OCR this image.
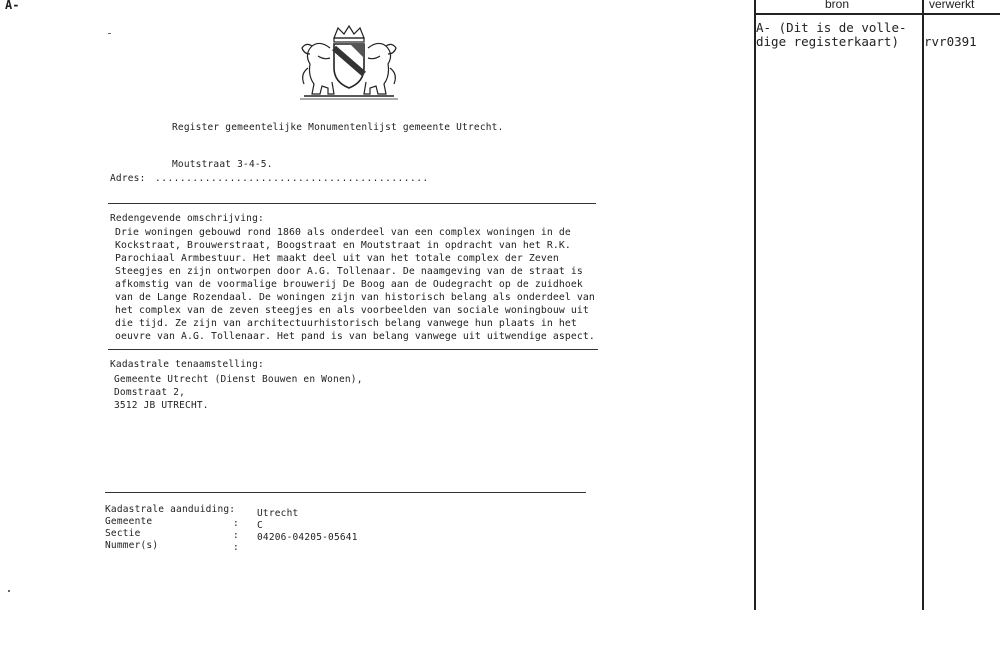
A-
Register gemeentelijke Monumentenlijst gemeente Utrecht.
Moutstraat 3-4-5.
Adres: ............................................
Redengevende omschrijving:
Drie woningen gebouwd rond 1860 als onderdeel van een complex woningen in de
Kockstraat, Brouwerstraat, Boogstraat en Moutstraat in opdracht van het R.K.
Parochiaal Armbestuur. Het maakt deel uit van het totale complex der Zeven
Steegjes en zijn ontworpen door A.G. Tollenaar. De naamgeving van de straat is
afkomstig van de voormalige brouwerij De Boog aan de Oudegracht op de zuidhoek
van de Lange Rozendaal. De woningen zijn van historisch belang als onderdeel van
het complex van de zeven steegjes en als voorbeelden van sociale woningbouw uit
die tijd. Ze zijn van architectuurhistorisch belang vanwege hun plaats in het
oeuvre van A.G. Tollenaar. Het pand is van belang vanwege uit uitwendige aspect.
Kadastrale tenaamstelling:
Gemeente Utrecht (Dienst Bouwen en Wonen),
Domstraat 2,
3512 JB UTRECHT.
Kadastrale aanduiding:
Gemeente
Sectie
Nummer(s)
:
:
:
Utrecht
C
04206-04205-05641
bron	verwerkt
A- (Dit is de volle-
dige registerkaart) rvr0391
